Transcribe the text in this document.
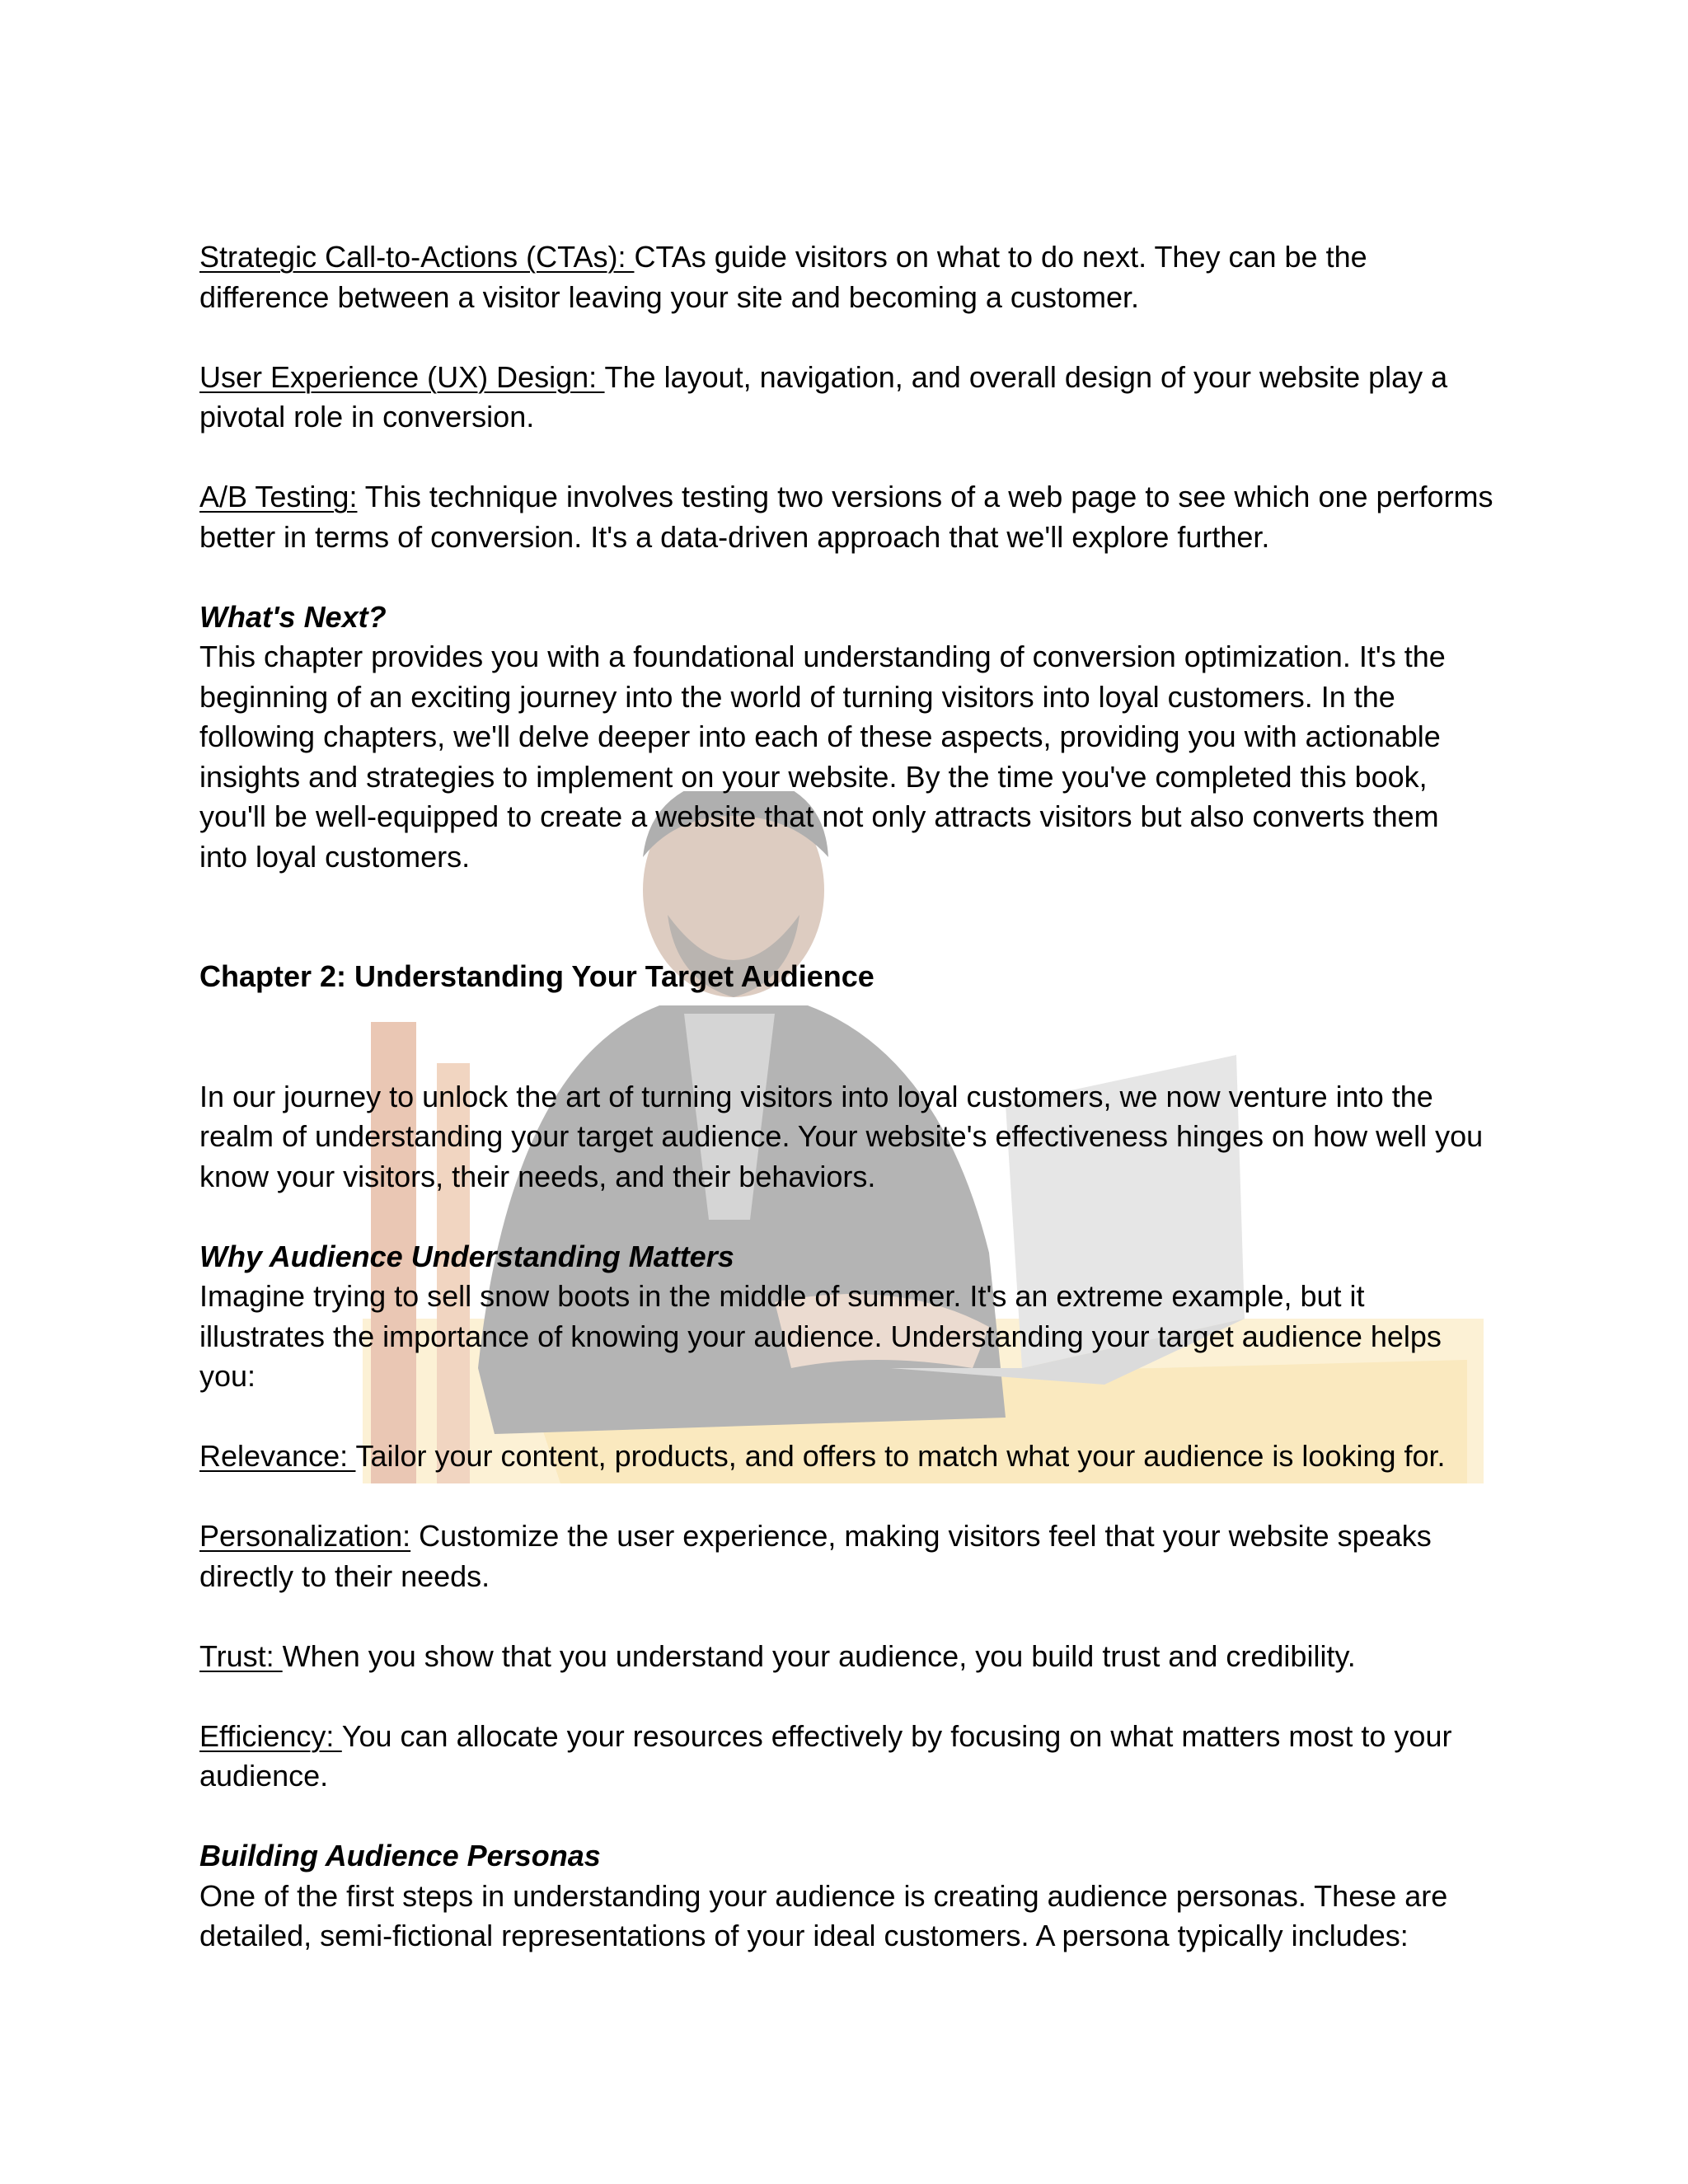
Strategic Call-to-Actions (CTAs): CTAs guide visitors on what to do next. They can be the difference between a visitor leaving your site and becoming a customer.

User Experience (UX) Design: The layout, navigation, and overall design of your website play a pivotal role in conversion.

A/B Testing: This technique involves testing two versions of a web page to see which one performs better in terms of conversion. It's a data-driven approach that we'll explore further.

What's Next?

This chapter provides you with a foundational understanding of conversion optimization. It's the beginning of an exciting journey into the world of turning visitors into loyal customers. In the following chapters, we'll delve deeper into each of these aspects, providing you with actionable insights and strategies to implement on your website. By the time you've completed this book, you'll be well-equipped to create a website that not only attracts visitors but also converts them into loyal customers.

Chapter 2: Understanding Your Target Audience

In our journey to unlock the art of turning visitors into loyal customers, we now venture into the realm of understanding your target audience. Your website's effectiveness hinges on how well you know your visitors, their needs, and their behaviors.

Why Audience Understanding Matters

Imagine trying to sell snow boots in the middle of summer. It's an extreme example, but it illustrates the importance of knowing your audience. Understanding your target audience helps you:

Relevance: Tailor your content, products, and offers to match what your audience is looking for.

Personalization: Customize the user experience, making visitors feel that your website speaks directly to their needs.

Trust: When you show that you understand your audience, you build trust and credibility.

Efficiency: You can allocate your resources effectively by focusing on what matters most to your audience.

Building Audience Personas

One of the first steps in understanding your audience is creating audience personas. These are detailed, semi-fictional representations of your ideal customers. A persona typically includes:
